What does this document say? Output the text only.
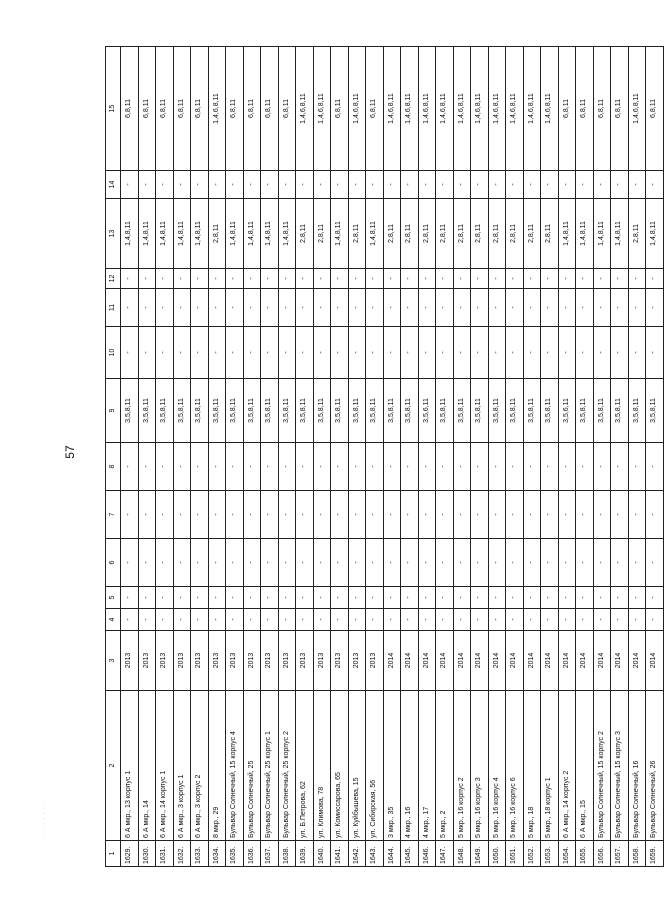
57
· ··· · · · ·
1	2	3	4	5	6	7	8	9	10	11	12	13	14	15
1629.	6 А мкр., 13 корпус 1	2013	-	-	-	-	-	3,5,8,11	-	-	-	1,4,8,11	-	6,8,11
1630.	6 А мкр., 14	2013	-	-	-	-	-	3,5,8,11	-	-	-	1,4,8,11	-	6,8,11
1631.	6 А мкр., 14 корпус 1	2013	-	-	-	-	-	3,5,8,11	-	-	-	1,4,8,11	-	6,8,11
1632.	6 А мкр., 3 корпус 1	2013	-	-	-	-	-	3,5,8,11	-	-	-	1,4,8,11	-	6,8,11
1633.	6 А мкр., 3 корпус 2	2013	-	-	-	-	-	3,5,8,11	-	-	-	1,4,8,11	-	6,8,11
1634.	8 мкр., 29	2013	-	-	-	-	-	3,5,8,11	-	-	-	2,8,11	-	1,4,6,8,11
1635.	Бульвар Солнечный, 15 корпус 4	2013	-	-	-	-	-	3,5,8,11	-	-	-	1,4,8,11	-	6,8,11
1636.	Бульвар Солнечный, 25	2013	-	-	-	-	-	3,5,8,11	-	-	-	1,4,8,11	-	6,8,11
1637.	Бульвар Солнечный, 25 корпус 1	2013	-	-	-	-	-	3,5,8,11	-	-	-	1,4,8,11	-	6,8,11
1638.	Бульвар Солнечный, 25 корпус 2	2013	-	-	-	-	-	3,5,8,11	-	-	-	1,4,8,11	-	6,8,11
1639.	ул. Б.Петрова, 62	2013	-	-	-	-	-	3,5,8,11	-	-	-	2,8,11	-	1,4,6,8,11
1640.	ул. Климова, 78	2013	-	-	-	-	-	3,5,8,11	-	-	-	2,8,11	-	1,4,6,8,11
1641.	ул. Комиссарова, 65	2013	-	-	-	-	-	3,5,8,11	-	-	-	1,4,8,11	-	6,8,11
1642.	ул. Куйбышева, 15	2013	-	-	-	-	-	3,5,8,11	-	-	-	2,8,11	-	1,4,6,8,11
1643.	ул. Сибирская, 56	2013	-	-	-	-	-	3,5,8,11	-	-	-	1,4,8,11	-	6,8,11
1644.	3 мкр., 35	2014	-	-	-	-	-	3,5,8,11	-	-	-	2,8,11	-	1,4,6,8,11
1645.	4 мкр., 16	2014	-	-	-	-	-	3,5,8,11	-	-	-	2,8,11	-	1,4,6,8,11
1646.	4 мкр., 17	2014	-	-	-	-	-	3,5,6,11	-	-	-	2,8,11	-	1,4,6,8,11
1647.	5 мкр., 2	2014	-	-	-	-	-	3,5,8,11	-	-	-	2,8,11	-	1,4,6,8,11
1648.	5 мкр., 16 корпус 2	2014	-	-	-	-	-	3,5,8,11	-	-	-	2,8,11	-	1,4,6,8,11
1649.	5 мкр., 16 корпус 3	2014	-	-	-	-	-	3,5,8,11	-	-	-	2,8,11	-	1,4,6,8,11
1650.	5 мкр., 16 корпус 4	2014	-	-	-	-	-	3,5,8,11	-	-	-	2,8,11	-	1,4,6,8,11
1651.	5 мкр., 16 корпус 6	2014	-	-	-	-	-	3,5,8,11	-	-	-	2,8,11	-	1,4,6,8,11
1652.	5 мкр., 18	2014	-	-	-	-	-	3,5,8,11	-	-	-	2,8,11	-	1,4,6,8,11
1653.	5 мкр., 18 корпус 1	2014	-	-	-	-	-	3,5,8,11	-	-	-	2,8,11	-	1,4,6,8,11
1654.	6 А мкр., 14 корпус 2	2014	-	-	-	-	-	3,5,6,11	-	-	-	1,4,8,11	-	6,8,11
1655.	6 А мкр., 15	2014	-	-	-	-	-	3,5,8,11	-	-	-	1,4,8,11	-	6,8,11
1656.	Бульвар Солнечный, 15 корпус 2	2014	-	-	-	-	-	3,5,8,11	-	-	-	1,4,8,11	-	6,8,11
1657.	Бульвар Солнечный, 15 корпус 3	2014	-	-	-	-	-	3,5,8,11	-	-	-	1,4,8,11	-	6,8,11
1658.	Бульвар Солнечный, 16	2014	-	-	-	-	-	3,5,8,11	-	-	-	2,8,11	-	1,4,6,8,11
1659.	Бульвар Солнечный, 26	2014	-	-	-	-	-	3,5,8,11	-	-	-	1,4,8,11	-	6,8,11
